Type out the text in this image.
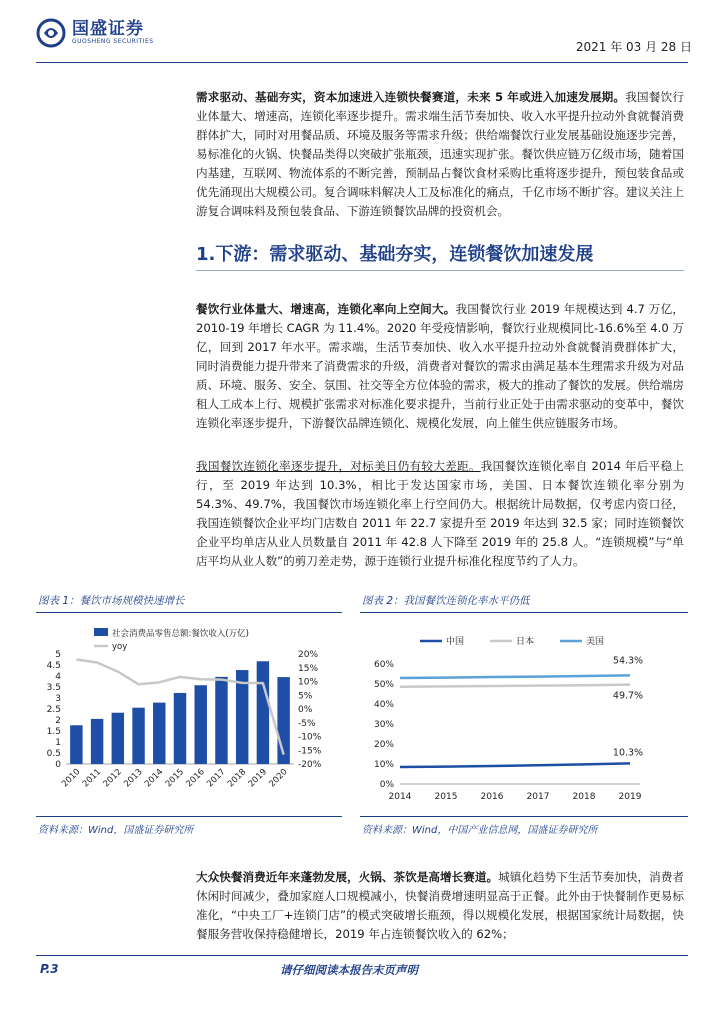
国盛证券
GUOSHENG SECURITIES	2021 年 03 月 28 日
需求驱动、基础夯实，资本加速进入连锁快餐赛道，未来 5 年或进入加速发展期。我国餐饮行业体量大、增速高，连锁化率逐步提升。需求端生活节奏加快、收入水平提升拉动外食就餐消费群体扩大，同时对用餐品质、环境及服务等需求升级；供给端餐饮行业发展基础设施逐步完善，易标准化的火锅、快餐品类得以突破扩张瓶颈，迅速实现扩张。餐饮供应链万亿级市场，随着国内基建，互联网、物流体系的不断完善，预制品占餐饮食材采购比重将逐步提升，预包装食品或优先涌现出大规模公司。复合调味料解决人工及标准化的痛点，千亿市场不断扩容。建议关注上游复合调味料及预包装食品、下游连锁餐饮品牌的投资机会。
1.下游：需求驱动、基础夯实，连锁餐饮加速发展
餐饮行业体量大、增速高，连锁化率向上空间大。我国餐饮行业 2019 年规模达到 4.7 万亿，2010-19 年增长 CAGR 为 11.4%。2020 年受疫情影响，餐饮行业规模同比-16.6%至 4.0 万亿，回到 2017 年水平。需求端，生活节奏加快、收入水平提升拉动外食就餐消费群体扩大，同时消费能力提升带来了消费需求的升级，消费者对餐饮的需求由满足基本生理需求升级为对品质、环境、服务、安全、氛围、社交等全方位体验的需求，极大的推动了餐饮的发展。供给端房租人工成本上行、规模扩张需求对标准化要求提升，当前行业正处于由需求驱动的变革中，餐饮连锁化率逐步提升，下游餐饮品牌连锁化、规模化发展，向上催生供应链服务市场。
我国餐饮连锁化率逐步提升，对标美日仍有较大差距。我国餐饮连锁化率自 2014 年后平稳上行，至 2019 年达到 10.3%，相比于发达国家市场，美国、日本餐饮连锁化率分别为 54.3%、49.7%，我国餐饮市场连锁化率上行空间仍大。根据统计局数据，仅考虑内资口径，我国连锁餐饮企业平均门店数自 2011 年 22.7 家提升至 2019 年达到 32.5 家；同时连锁餐饮企业平均单店从业人员数量自 2011 年 42.8 人下降至 2019 年的 25.8 人。“连锁规模”与“单店平均从业人数”的剪刀差走势，源于连锁行业提升标准化程度节约了人力。
图表 1：餐饮市场规模快速增长
社会消费品零售总额:餐饮收入(万亿)
yoy
0
0.5
1
1.5
2
2.5
3
3.5
4
4.5
5
-20%
-15%
-10%
-5%
0%
5%
10%
15%
20%
2010
2011
2012
2013
2014
2015
2016
2017
2018
2019
2020
资料来源：Wind，国盛证券研究所
图表 2：我国餐饮连锁化率水平仍低
中国	日本	美国
0%
10%
20%
30%
40%
50%
60%
2014	2015	2016	2017	2018	2019
54.3%
49.7%
10.3%
资料来源：Wind，中国产业信息网，国盛证券研究所
大众快餐消费近年来蓬勃发展，火锅、茶饮是高增长赛道。城镇化趋势下生活节奏加快，消费者休闲时间减少，叠加家庭人口规模减小，快餐消费增速明显高于正餐。此外由于快餐制作更易标准化，“中央工厂+连锁门店”的模式突破增长瓶颈，得以规模化发展，根据国家统计局数据，快餐服务营收保持稳健增长，2019 年占连锁餐饮收入的 62%；
P.3	请仔细阅读本报告末页声明
